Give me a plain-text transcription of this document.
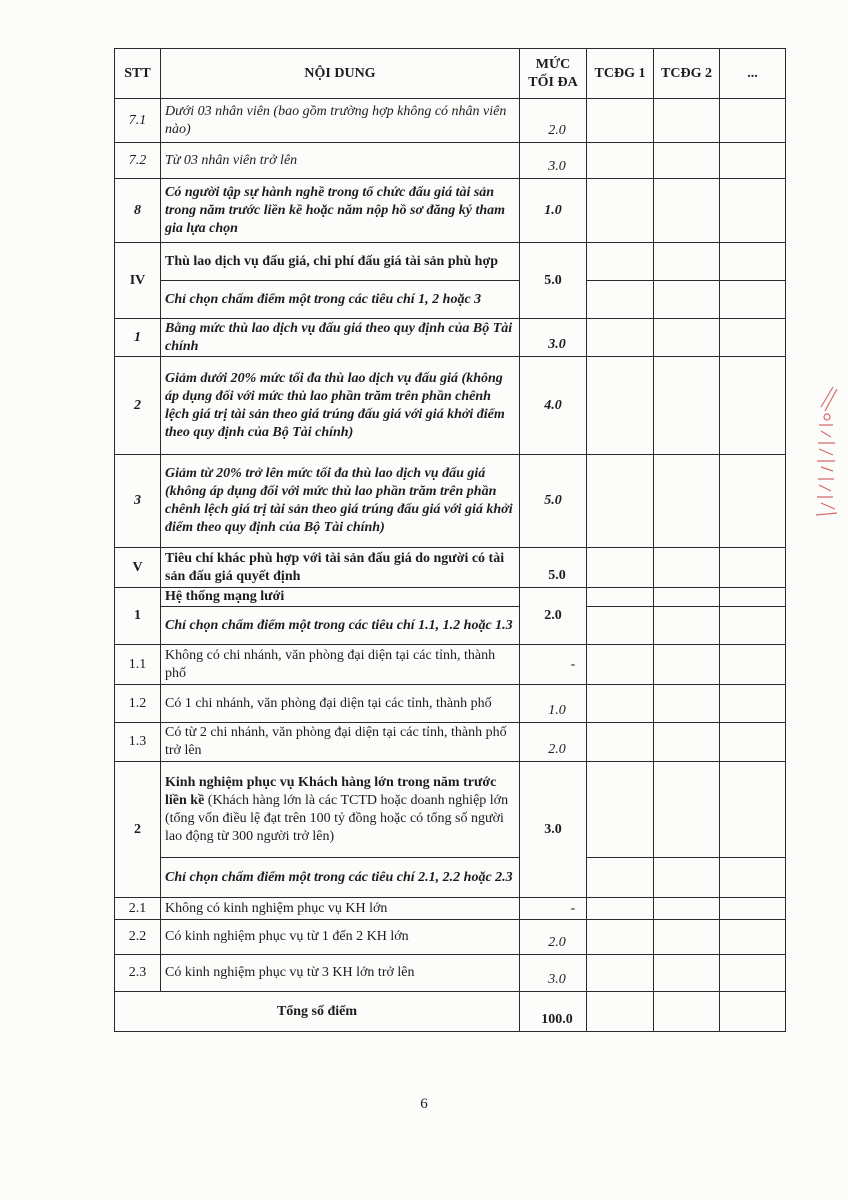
STT	NỘI DUNG	MỨC TỐI ĐA	TCĐG 1	TCĐG 2	...
7.1	Dưới 03 nhân viên (bao gồm trường hợp không có nhân viên nào)	2.0			
7.2	Từ 03 nhân viên trở lên	3.0			
8	Có người tập sự hành nghề trong tổ chức đấu giá tài sản trong năm trước liền kề hoặc năm nộp hồ sơ đăng ký tham gia lựa chọn	1.0			
IV	Thù lao dịch vụ đấu giá, chi phí đấu giá tài sản phù hợp	5.0			
	Chỉ chọn chấm điểm một trong các tiêu chí 1, 2 hoặc 3				
1	Bằng mức thù lao dịch vụ đấu giá theo quy định của Bộ Tài chính	3.0			
2	Giảm dưới 20% mức tối đa thù lao dịch vụ đấu giá (không áp dụng đối với mức thù lao phần trăm trên phần chênh lệch giá trị tài sản theo giá trúng đấu giá với giá khởi điểm theo quy định của Bộ Tài chính)	4.0			
3	Giảm từ 20% trở lên mức tối đa thù lao dịch vụ đấu giá (không áp dụng đối với mức thù lao phần trăm trên phần chênh lệch giá trị tài sản theo giá trúng đấu giá với giá khởi điểm theo quy định của Bộ Tài chính)	5.0			
V	Tiêu chí khác phù hợp với tài sản đấu giá do người có tài sản đấu giá quyết định	5.0			
1	Hệ thống mạng lưới	2.0			
	Chỉ chọn chấm điểm một trong các tiêu chí 1.1, 1.2 hoặc 1.3				
1.1	Không có chi nhánh, văn phòng đại diện tại các tỉnh, thành phố	-			
1.2	Có 1 chi nhánh, văn phòng đại diện tại các tỉnh, thành phố	1.0			
1.3	Có từ 2 chi nhánh, văn phòng đại diện tại các tỉnh, thành phố trở lên	2.0			
2	Kinh nghiệm phục vụ Khách hàng lớn trong năm trước liền kề (Khách hàng lớn là các TCTD hoặc doanh nghiệp lớn (tổng vốn điều lệ đạt trên 100 tỷ đồng hoặc có tổng số người lao động từ 300 người trở lên)	3.0			
	Chỉ chọn chấm điểm một trong các tiêu chí 2.1, 2.2 hoặc 2.3				
2.1	Không có kinh nghiệm phục vụ KH lớn	-			
2.2	Có kinh nghiệm phục vụ từ 1 đến 2 KH lớn	2.0			
2.3	Có kinh nghiệm phục vụ từ 3 KH lớn trở lên	3.0			
Tổng số điểm		100.0			
6
